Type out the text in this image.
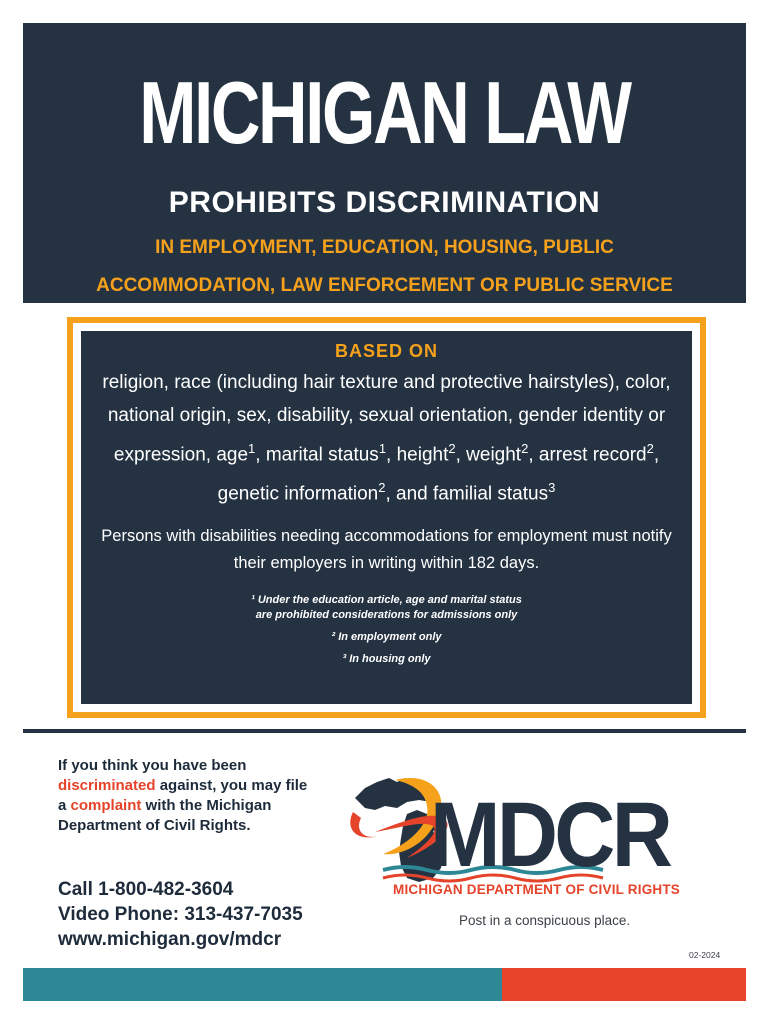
MICHIGAN LAW
PROHIBITS DISCRIMINATION
IN EMPLOYMENT, EDUCATION, HOUSING, PUBLIC
ACCOMMODATION, LAW ENFORCEMENT OR PUBLIC SERVICE
BASED ON
religion, race (including hair texture and protective hairstyles), color, national origin, sex, disability, sexual orientation, gender identity or expression, age$^1$, marital status$^1$, height$^2$, weight$^2$, arrest record$^2$, genetic information$^2$, and familial status$^3$
Persons with disabilities needing accommodations for employment must notify their employers in writing within 182 days.
¹ Under the education article, age and marital status
are prohibited considerations for admissions only
² In employment only
³ In housing only
If you think you have been discriminated against, you may file a complaint with the Michigan Department of Civil Rights.
Call 1-800-482-3604
Video Phone: 313-437-7035
www.michigan.gov/mdcr
MDCR
MICHIGAN DEPARTMENT OF CIVIL RIGHTS
Post in a conspicuous place.
02-2024
